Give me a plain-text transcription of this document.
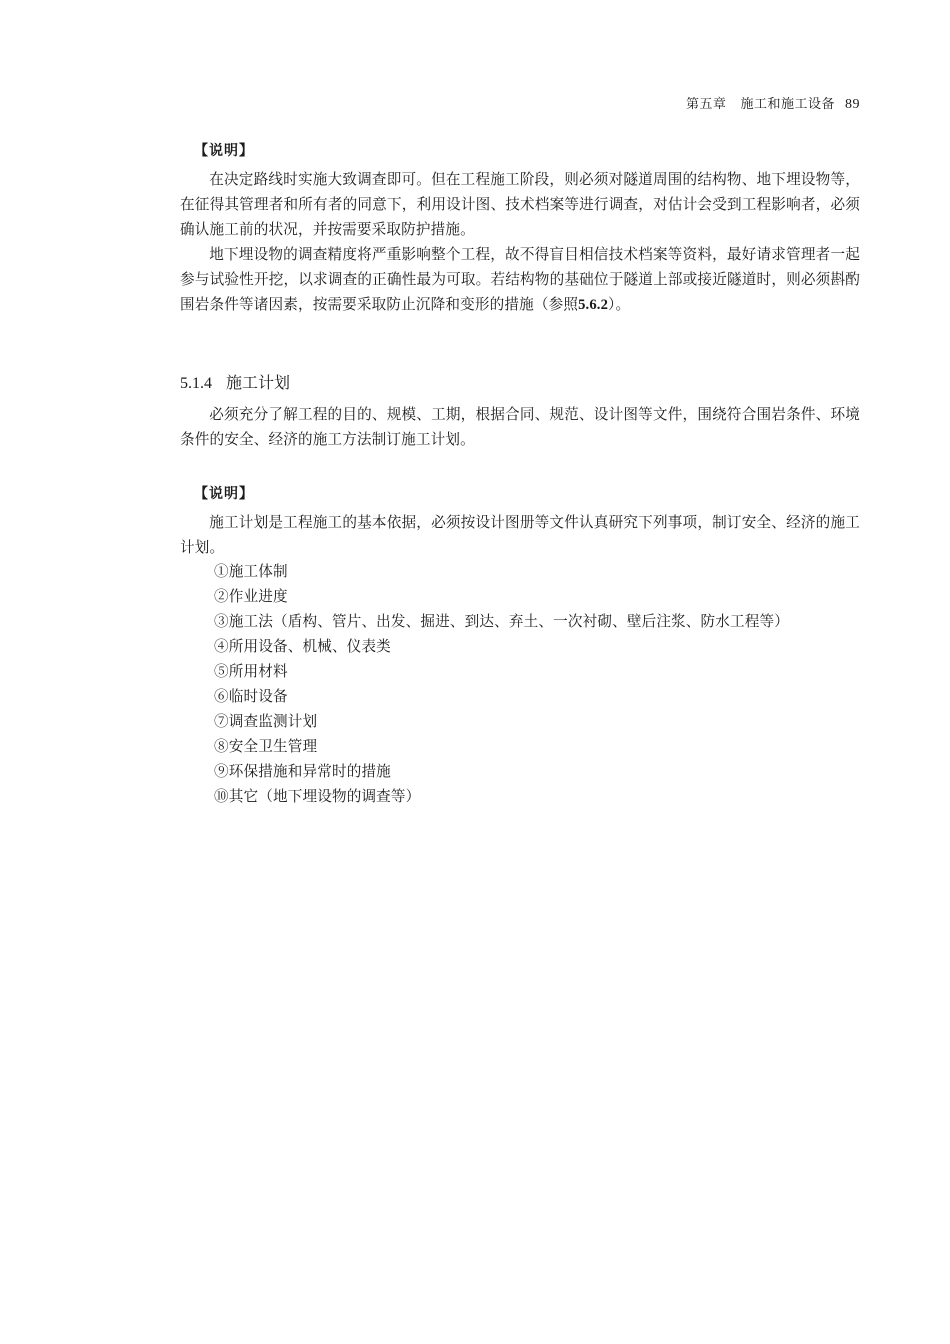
第五章 施工和施工设备 89
【说明】

在决定路线时实施大致调查即可。但在工程施工阶段，则必须对隧道周围的结构物、地下埋设物等，在征得其管理者和所有者的同意下，利用设计图、技术档案等进行调查，对估计会受到工程影响者，必须确认施工前的状况，并按需要采取防护措施。

地下埋设物的调查精度将严重影响整个工程，故不得盲目相信技术档案等资料，最好请求管理者一起参与试验性开挖，以求调查的正确性最为可取。若结构物的基础位于隧道上部或接近隧道时，则必须斟酌围岩条件等诸因素，按需要采取防止沉降和变形的措施（参照5.6.2）。

5.1.4 施工计划

必须充分了解工程的目的、规模、工期，根据合同、规范、设计图等文件，围绕符合围岩条件、环境条件的安全、经济的施工方法制订施工计划。

【说明】

施工计划是工程施工的基本依据，必须按设计图册等文件认真研究下列事项，制订安全、经济的施工计划。

①施工体制
②作业进度
③施工法（盾构、管片、出发、掘进、到达、弃土、一次衬砌、壁后注浆、防水工程等）
④所用设备、机械、仪表类
⑤所用材料
⑥临时设备
⑦调查监测计划
⑧安全卫生管理
⑨环保措施和异常时的措施
⑩其它（地下埋设物的调查等）
